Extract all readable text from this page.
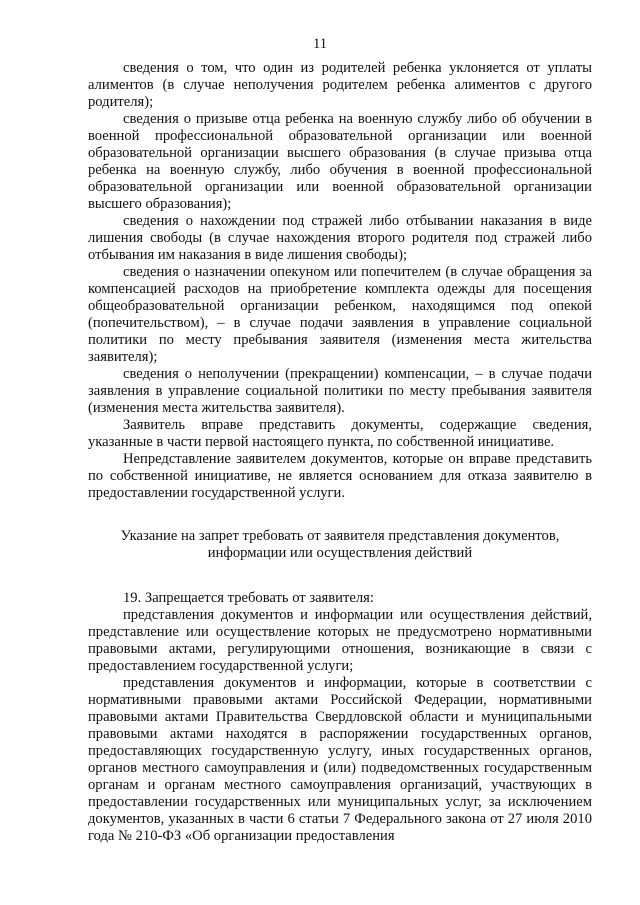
11

сведения о том, что один из родителей ребенка уклоняется от уплаты алиментов (в случае неполучения родителем ребенка алиментов с другого родителя);

сведения о призыве отца ребенка на военную службу либо об обучении в военной профессиональной образовательной организации или военной образовательной организации высшего образования (в случае призыва отца ребенка на военную службу, либо обучения в военной профессиональной образовательной организации или военной образовательной организации высшего образования);

сведения о нахождении под стражей либо отбывании наказания в виде лишения свободы (в случае нахождения второго родителя под стражей либо отбывания им наказания в виде лишения свободы);

сведения о назначении опекуном или попечителем (в случае обращения за компенсацией расходов на приобретение комплекта одежды для посещения общеобразовательной организации ребенком, находящимся под опекой (попечительством), – в случае подачи заявления в управление социальной политики по месту пребывания заявителя (изменения места жительства заявителя);

сведения о неполучении (прекращении) компенсации, – в случае подачи заявления в управление социальной политики по месту пребывания заявителя (изменения места жительства заявителя).

Заявитель вправе представить документы, содержащие сведения, указанные в части первой настоящего пункта, по собственной инициативе.

Непредставление заявителем документов, которые он вправе представить по собственной инициативе, не является основанием для отказа заявителю в предоставлении государственной услуги.

Указание на запрет требовать от заявителя представления документов, информации или осуществления действий

19. Запрещается требовать от заявителя:

представления документов и информации или осуществления действий, представление или осуществление которых не предусмотрено нормативными правовыми актами, регулирующими отношения, возникающие в связи с предоставлением государственной услуги;

представления документов и информации, которые в соответствии с нормативными правовыми актами Российской Федерации, нормативными правовыми актами Правительства Свердловской области и муниципальными правовыми актами находятся в распоряжении государственных органов, предоставляющих государственную услугу, иных государственных органов, органов местного самоуправления и (или) подведомственных государственным органам и органам местного самоуправления организаций, участвующих в предоставлении государственных или муниципальных услуг, за исключением документов, указанных в части 6 статьи 7 Федерального закона от 27 июля 2010 года № 210-ФЗ «Об организации предоставления
